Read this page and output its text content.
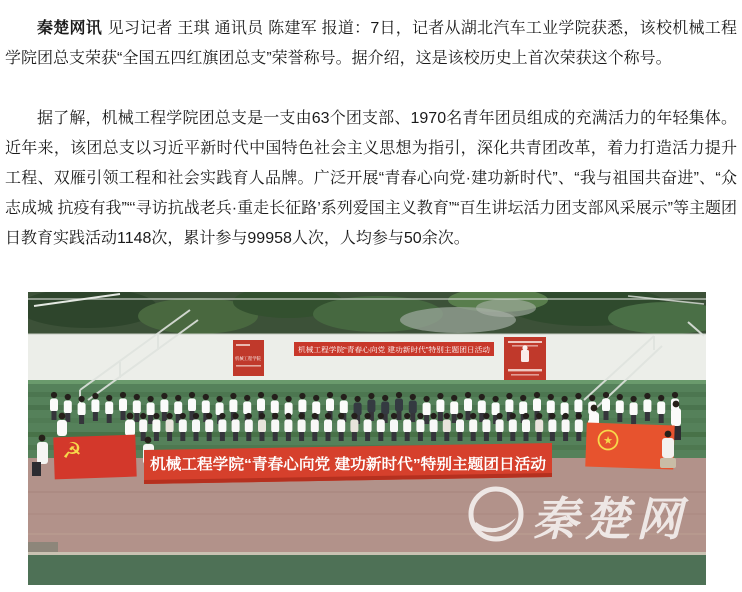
秦楚网讯 见习记者 王琪 通讯员 陈建军 报道：7日，记者从湖北汽车工业学院获悉，该校机械工程学院团总支荣获“全国五四红旗团总支”荣誉称号。据介绍，这是该校历史上首次荣获这个称号。

据了解，机械工程学院团总支是一支由63个团支部、1970名青年团员组成的充满活力的年轻集体。近年来，该团总支以习近平新时代中国特色社会主义思想为指引，深化共青团改革，着力打造活力提升工程、双雁引领工程和社会实践育人品牌。广泛开展“青春心向党·建功新时代”、“我与祖国共奋进”、“众志成城 抗疫有我”“‘寻访抗战老兵·重走长征路’系列爱国主义教育”“百生讲坛活力团支部风采展示”等主题团日教育实践活动1148次，累计参与99958人次，人均参与50余次。

机械工程学院
机械工程学院“青春心向党 建功新时代”特别主题团日活动
☭	★
机械工程学院“青春心向党 建功新时代”特别主题团日活动
秦楚网
